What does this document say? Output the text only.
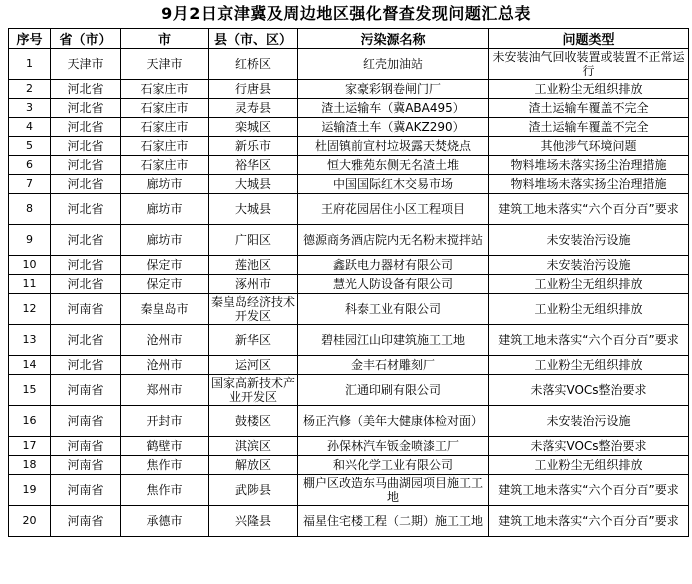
9月2日京津冀及周边地区强化督查发现问题汇总表
序号	省（市）	市	县（市、区）	污染源名称	问题类型
1	天津市	天津市	红桥区	红壳加油站	未安装油气回收装置或装置不正常运行
2	河北省	石家庄市	行唐县	家豪彩钢卷闸门厂	工业粉尘无组织排放
3	河北省	石家庄市	灵寿县	渣土运输车（冀ABA495）	渣土运输车覆盖不完全
4	河北省	石家庄市	栾城区	运输渣土车（冀AKZ290）	渣土运输车覆盖不完全
5	河北省	石家庄市	新乐市	杜固镇前宣村垃圾露天焚烧点	其他涉气环境问题
6	河北省	石家庄市	裕华区	恒大雅苑东侧无名渣土堆	物料堆场未落实扬尘治理措施
7	河北省	廊坊市	大城县	中国国际红木交易市场	物料堆场未落实扬尘治理措施
8	河北省	廊坊市	大城县	王府花园居住小区工程项目	建筑工地未落实“六个百分百”要求
9	河北省	廊坊市	广阳区	德源商务酒店院内无名粉末搅拌站	未安装治污设施
10	河北省	保定市	莲池区	鑫跃电力器材有限公司	未安装治污设施
11	河北省	保定市	涿州市	慧光人防设备有限公司	工业粉尘无组织排放
12	河南省	秦皇岛市	秦皇岛经济技术开发区	科泰工业有限公司	工业粉尘无组织排放
13	河北省	沧州市	新华区	碧桂园江山印建筑施工工地	建筑工地未落实“六个百分百”要求
14	河北省	沧州市	运河区	金丰石材雕刻厂	工业粉尘无组织排放
15	河南省	郑州市	国家高新技术产业开发区	汇通印刷有限公司	未落实VOCs整治要求
16	河南省	开封市	鼓楼区	杨正汽修（美年大健康体检对面）	未安装治污设施
17	河南省	鹤壁市	淇滨区	孙保林汽车钣金喷漆工厂	未落实VOCs整治要求
18	河南省	焦作市	解放区	和兴化学工业有限公司	工业粉尘无组织排放
19	河南省	焦作市	武陟县	棚户区改造东马曲湖园项目施工工地	建筑工地未落实“六个百分百”要求
20	河南省	承德市	兴隆县	福星住宅楼工程（二期）施工工地	建筑工地未落实“六个百分百”要求
